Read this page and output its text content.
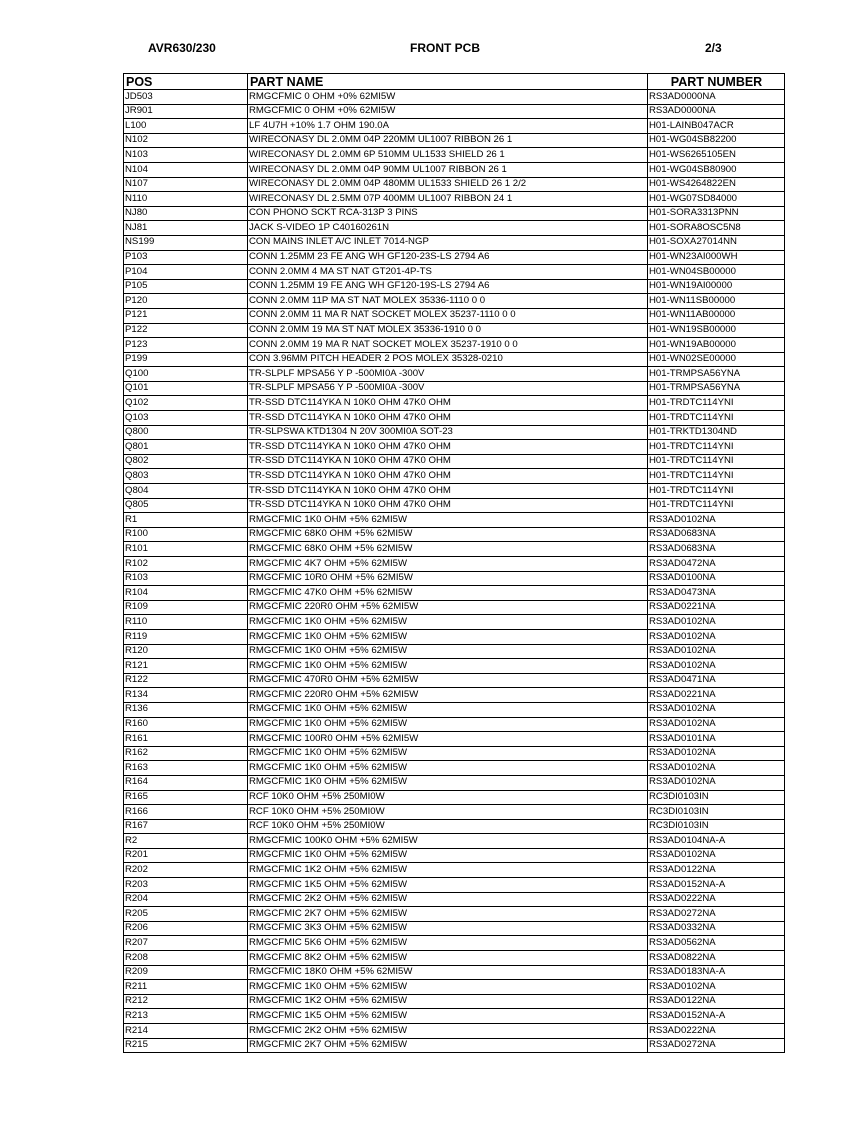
AVR630/230	FRONT PCB	2/3
POS	PART NAME	PART NUMBER
JD503	RMGCFMIC 0 OHM +0% 62MI5W	RS3AD0000NA
JR901	RMGCFMIC 0 OHM +0% 62MI5W	RS3AD0000NA
L100	LF 4U7H +10% 1.7 OHM 190.0A	H01-LAINB047ACR
N102	WIRECONASY DL 2.0MM 04P 220MM UL1007 RIBBON 26 1	H01-WG04SB82200
N103	WIRECONASY DL 2.0MM 6P 510MM UL1533 SHIELD 26 1	H01-WS6265105EN
N104	WIRECONASY DL 2.0MM 04P 90MM UL1007 RIBBON 26 1	H01-WG04SB80900
N107	WIRECONASY DL 2.0MM 04P 480MM UL1533 SHIELD 26 1 2/2	H01-WS4264822EN
N110	WIRECONASY DL 2.5MM 07P 400MM UL1007 RIBBON 24 1	H01-WG07SD84000
NJ80	CON PHONO SCKT RCA-313P 3 PINS	H01-SORA3313PNN
NJ81	JACK S-VIDEO 1P C40160261N	H01-SORA8OSC5N8
NS199	CON MAINS INLET A/C INLET 7014-NGP	H01-SOXA27014NN
P103	CONN 1.25MM 23 FE ANG WH GF120-23S-LS 2794 A6	H01-WN23AI000WH
P104	CONN 2.0MM 4 MA ST NAT GT201-4P-TS	H01-WN04SB00000
P105	CONN 1.25MM 19 FE ANG WH GF120-19S-LS 2794 A6	H01-WN19AI00000
P120	CONN 2.0MM 11P MA ST NAT MOLEX 35336-1110 0 0	H01-WN11SB00000
P121	CONN 2.0MM 11 MA R NAT SOCKET MOLEX 35237-1110 0 0	H01-WN11AB00000
P122	CONN 2.0MM 19 MA ST NAT MOLEX 35336-1910 0 0	H01-WN19SB00000
P123	CONN 2.0MM 19 MA R NAT SOCKET MOLEX 35237-1910 0 0	H01-WN19AB00000
P199	CON 3.96MM PITCH HEADER 2 POS MOLEX 35328-0210	H01-WN02SE00000
Q100	TR-SLPLF MPSA56 Y P -500MI0A -300V	H01-TRMPSA56YNA
Q101	TR-SLPLF MPSA56 Y P -500MI0A -300V	H01-TRMPSA56YNA
Q102	TR-SSD DTC114YKA N 10K0 OHM 47K0 OHM	H01-TRDTC114YNI
Q103	TR-SSD DTC114YKA N 10K0 OHM 47K0 OHM	H01-TRDTC114YNI
Q800	TR-SLPSWA KTD1304 N 20V 300MI0A SOT-23	H01-TRKTD1304ND
Q801	TR-SSD DTC114YKA N 10K0 OHM 47K0 OHM	H01-TRDTC114YNI
Q802	TR-SSD DTC114YKA N 10K0 OHM 47K0 OHM	H01-TRDTC114YNI
Q803	TR-SSD DTC114YKA N 10K0 OHM 47K0 OHM	H01-TRDTC114YNI
Q804	TR-SSD DTC114YKA N 10K0 OHM 47K0 OHM	H01-TRDTC114YNI
Q805	TR-SSD DTC114YKA N 10K0 OHM 47K0 OHM	H01-TRDTC114YNI
R1	RMGCFMIC 1K0 OHM +5% 62MI5W	RS3AD0102NA
R100	RMGCFMIC 68K0 OHM +5% 62MI5W	RS3AD0683NA
R101	RMGCFMIC 68K0 OHM +5% 62MI5W	RS3AD0683NA
R102	RMGCFMIC 4K7 OHM +5% 62MI5W	RS3AD0472NA
R103	RMGCFMIC 10R0 OHM +5% 62MI5W	RS3AD0100NA
R104	RMGCFMIC 47K0 OHM +5% 62MI5W	RS3AD0473NA
R109	RMGCFMIC 220R0 OHM +5% 62MI5W	RS3AD0221NA
R110	RMGCFMIC 1K0 OHM +5% 62MI5W	RS3AD0102NA
R119	RMGCFMIC 1K0 OHM +5% 62MI5W	RS3AD0102NA
R120	RMGCFMIC 1K0 OHM +5% 62MI5W	RS3AD0102NA
R121	RMGCFMIC 1K0 OHM +5% 62MI5W	RS3AD0102NA
R122	RMGCFMIC 470R0 OHM +5% 62MI5W	RS3AD0471NA
R134	RMGCFMIC 220R0 OHM +5% 62MI5W	RS3AD0221NA
R136	RMGCFMIC 1K0 OHM +5% 62MI5W	RS3AD0102NA
R160	RMGCFMIC 1K0 OHM +5% 62MI5W	RS3AD0102NA
R161	RMGCFMIC 100R0 OHM +5% 62MI5W	RS3AD0101NA
R162	RMGCFMIC 1K0 OHM +5% 62MI5W	RS3AD0102NA
R163	RMGCFMIC 1K0 OHM +5% 62MI5W	RS3AD0102NA
R164	RMGCFMIC 1K0 OHM +5% 62MI5W	RS3AD0102NA
R165	RCF 10K0 OHM +5% 250MI0W	RC3DI0103IN
R166	RCF 10K0 OHM +5% 250MI0W	RC3DI0103IN
R167	RCF 10K0 OHM +5% 250MI0W	RC3DI0103IN
R2	RMGCFMIC 100K0 OHM +5% 62MI5W	RS3AD0104NA-A
R201	RMGCFMIC 1K0 OHM +5% 62MI5W	RS3AD0102NA
R202	RMGCFMIC 1K2 OHM +5% 62MI5W	RS3AD0122NA
R203	RMGCFMIC 1K5 OHM +5% 62MI5W	RS3AD0152NA-A
R204	RMGCFMIC 2K2 OHM +5% 62MI5W	RS3AD0222NA
R205	RMGCFMIC 2K7 OHM +5% 62MI5W	RS3AD0272NA
R206	RMGCFMIC 3K3 OHM +5% 62MI5W	RS3AD0332NA
R207	RMGCFMIC 5K6 OHM +5% 62MI5W	RS3AD0562NA
R208	RMGCFMIC 8K2 OHM +5% 62MI5W	RS3AD0822NA
R209	RMGCFMIC 18K0 OHM +5% 62MI5W	RS3AD0183NA-A
R211	RMGCFMIC 1K0 OHM +5% 62MI5W	RS3AD0102NA
R212	RMGCFMIC 1K2 OHM +5% 62MI5W	RS3AD0122NA
R213	RMGCFMIC 1K5 OHM +5% 62MI5W	RS3AD0152NA-A
R214	RMGCFMIC 2K2 OHM +5% 62MI5W	RS3AD0222NA
R215	RMGCFMIC 2K7 OHM +5% 62MI5W	RS3AD0272NA
